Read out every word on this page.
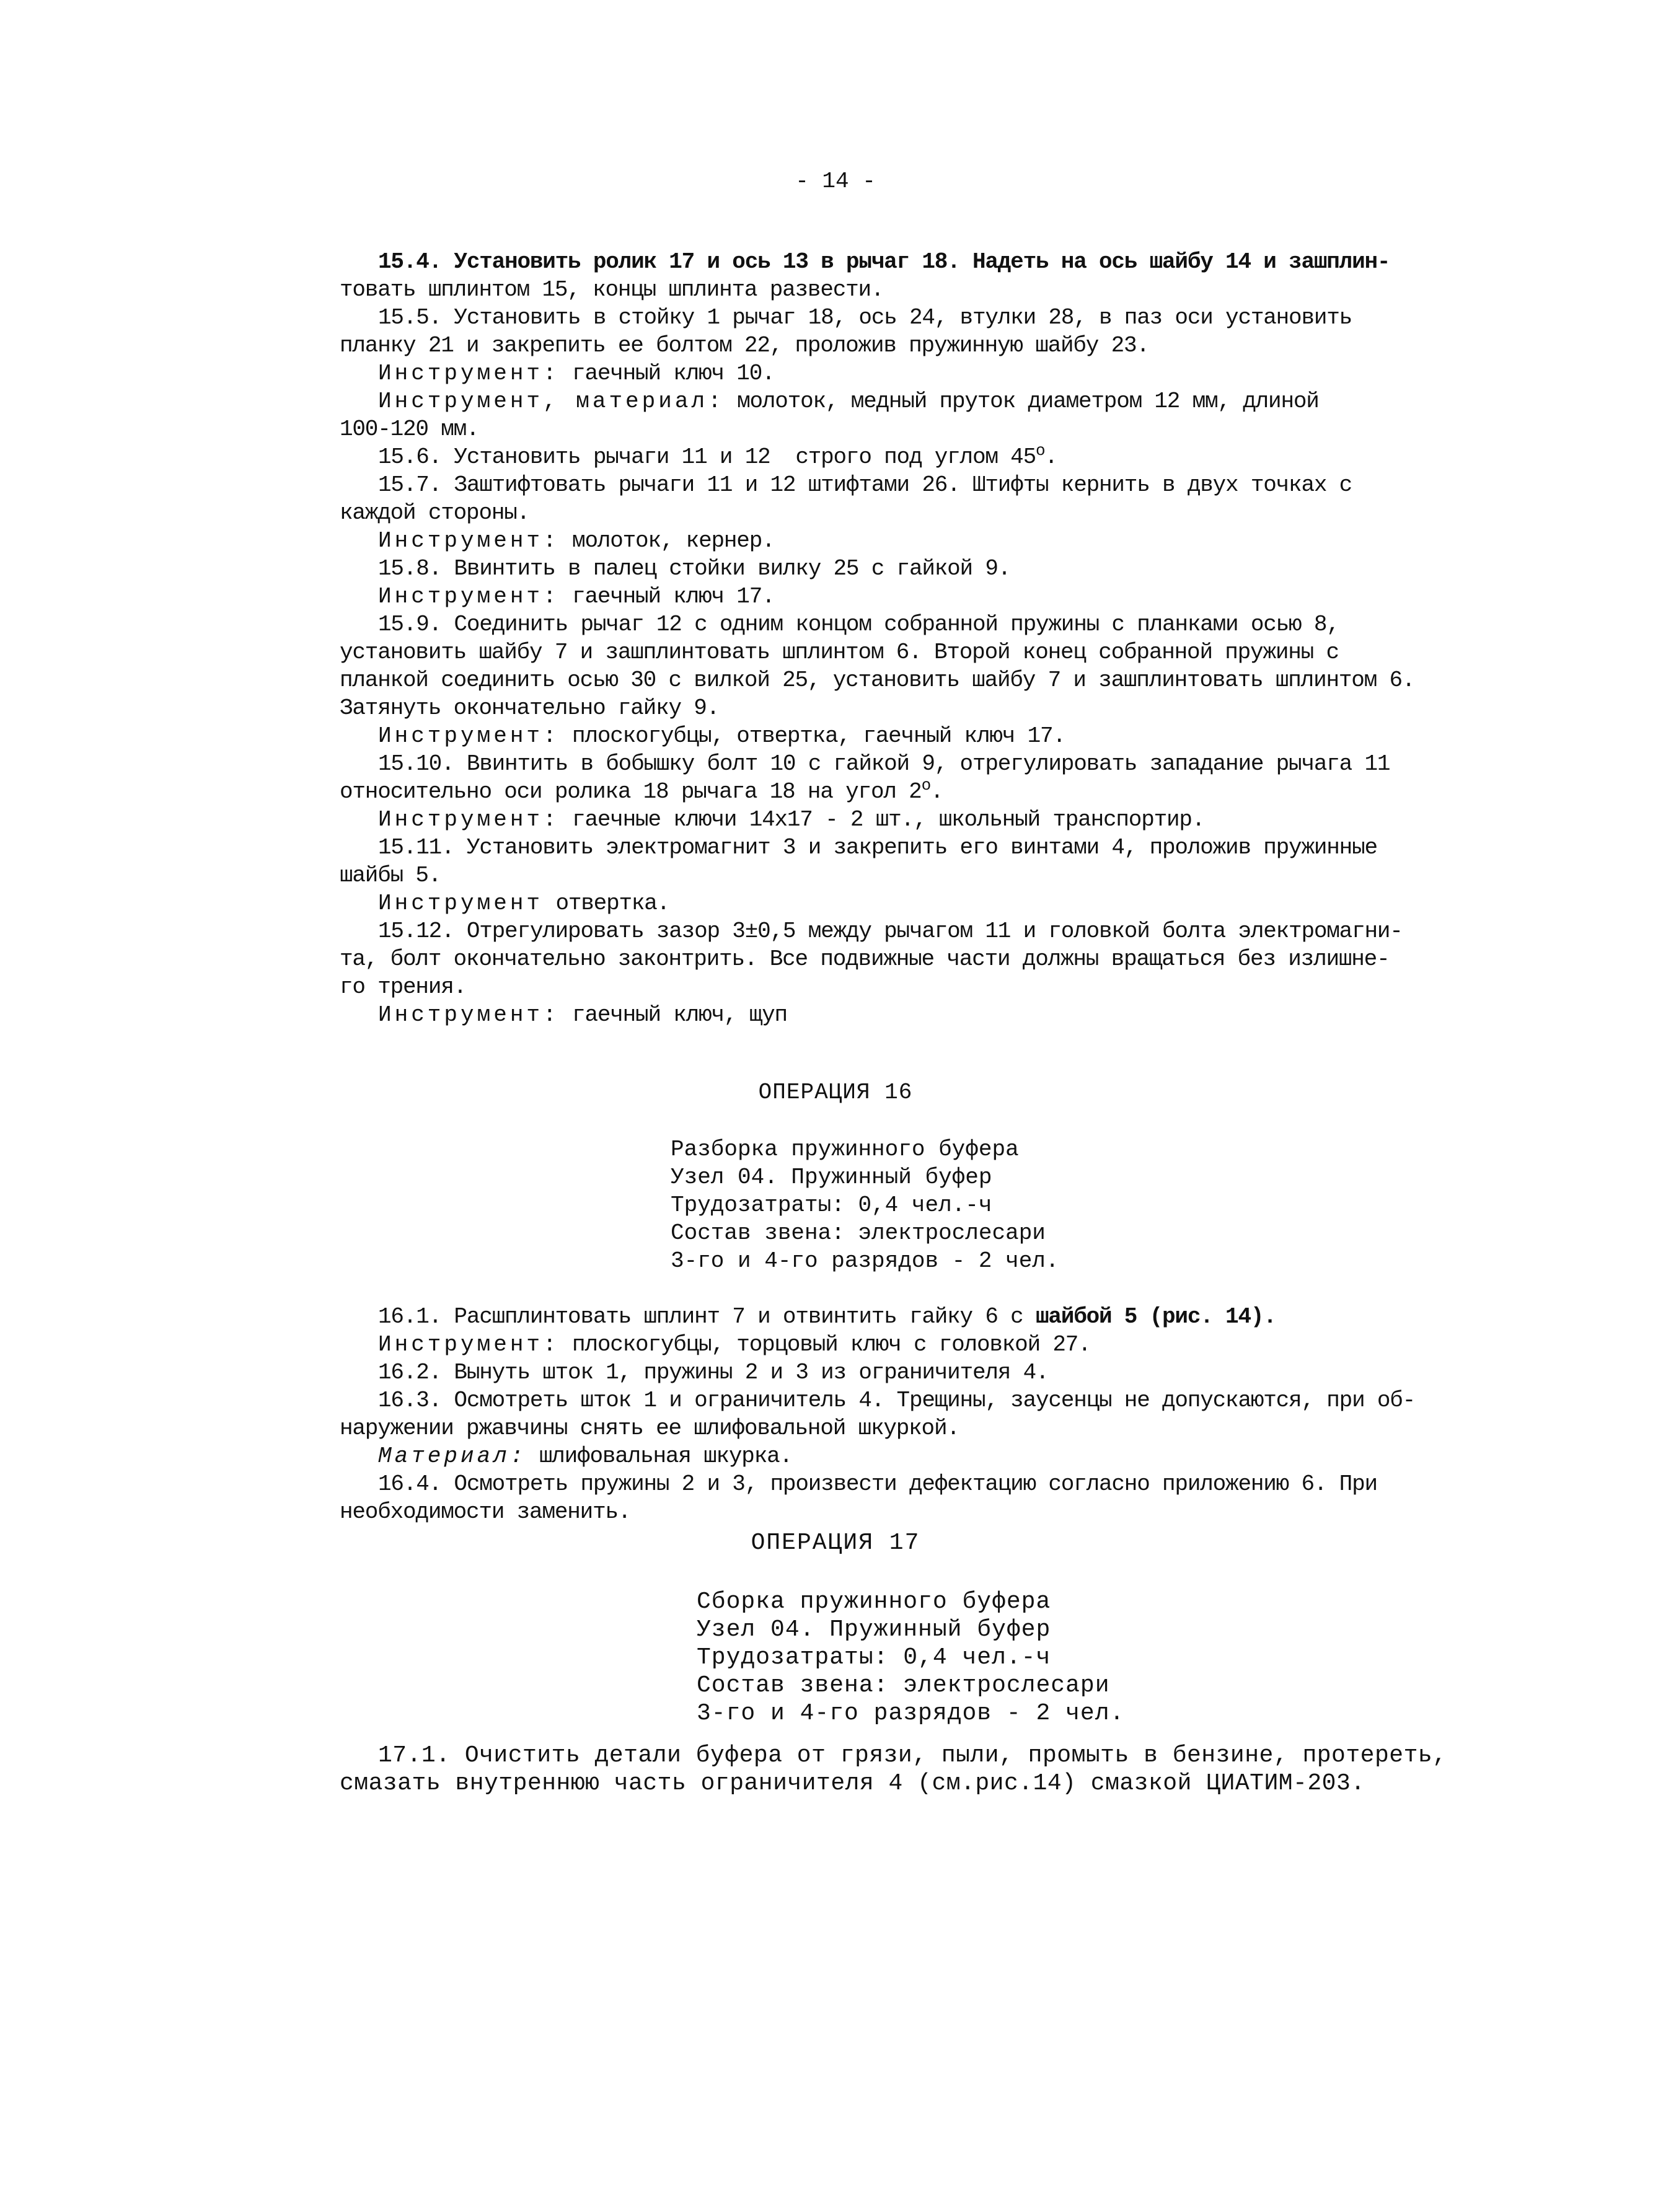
- 14 -
15.4. Установить ролик 17 и ось 13 в рычаг 18. Надеть на ось шайбу 14 и зашплин-
товать шплинтом 15, концы шплинта развести.
15.5. Установить в стойку 1 рычаг 18, ось 24, втулки 28, в паз оси установить
планку 21 и закрепить ее болтом 22, проложив пружинную шайбу 23.
Инструмент: гаечный ключ 10.
Инструмент, материал: молоток, медный пруток диаметром 12 мм, длиной
100-120 мм.
15.6. Установить рычаги 11 и 12  строго под углом 45$^o$.
15.7. Заштифтовать рычаги 11 и 12 штифтами 26. Штифты кернить в двух точках с
каждой стороны.
Инструмент: молоток, кернер.
15.8. Ввинтить в палец стойки вилку 25 с гайкой 9.
Инструмент: гаечный ключ 17.
15.9. Соединить рычаг 12 с одним концом собранной пружины с планками осью 8,
установить шайбу 7 и зашплинтовать шплинтом 6. Второй конец собранной пружины с
планкой соединить осью 30 с вилкой 25, установить шайбу 7 и зашплинтовать шплинтом 6.
Затянуть окончательно гайку 9.
Инструмент: плоскогубцы, отвертка, гаечный ключ 17.
15.10. Ввинтить в бобышку болт 10 с гайкой 9, отрегулировать западание рычага 11
относительно оси ролика 18 рычага 18 на угол 2$^o$.
Инструмент: гаечные ключи 14х17 - 2 шт., школьный транспортир.
15.11. Установить электромагнит 3 и закрепить его винтами 4, проложив пружинные
шайбы 5.
Инструмент отвертка.
15.12. Отрегулировать зазор 3±0,5 между рычагом 11 и головкой болта электромагни-
та, болт окончательно законтрить. Все подвижные части должны вращаться без излишне-
го трения.
Инструмент: гаечный ключ, щуп
ОПЕРАЦИЯ 16
Разборка пружинного буфера
Узел 04. Пружинный буфер
Трудозатраты: 0,4 чел.-ч
Состав звена: электрослесари
3-го и 4-го разрядов - 2 чел.
16.1. Расшплинтовать шплинт 7 и отвинтить гайку 6 с шайбой 5 (рис. 14).
Инструмент: плоскогубцы, торцовый ключ с головкой 27.
16.2. Вынуть шток 1, пружины 2 и 3 из ограничителя 4.
16.3. Осмотреть шток 1 и ограничитель 4. Трещины, заусенцы не допускаются, при об-
наружении ржавчины снять ее шлифовальной шкуркой.
Материал: шлифовальная шкурка.
16.4. Осмотреть пружины 2 и 3, произвести дефектацию согласно приложению 6. При
необходимости заменить.
ОПЕРАЦИЯ 17
Сборка пружинного буфера
Узел 04. Пружинный буфер
Трудозатраты: 0,4 чел.-ч
Состав звена: электрослесари
3-го и 4-го разрядов - 2 чел.
17.1. Очистить детали буфера от грязи, пыли, промыть в бензине, протереть,
смазать внутреннюю часть ограничителя 4 (см.рис.14) смазкой ЦИАТИМ-203.
